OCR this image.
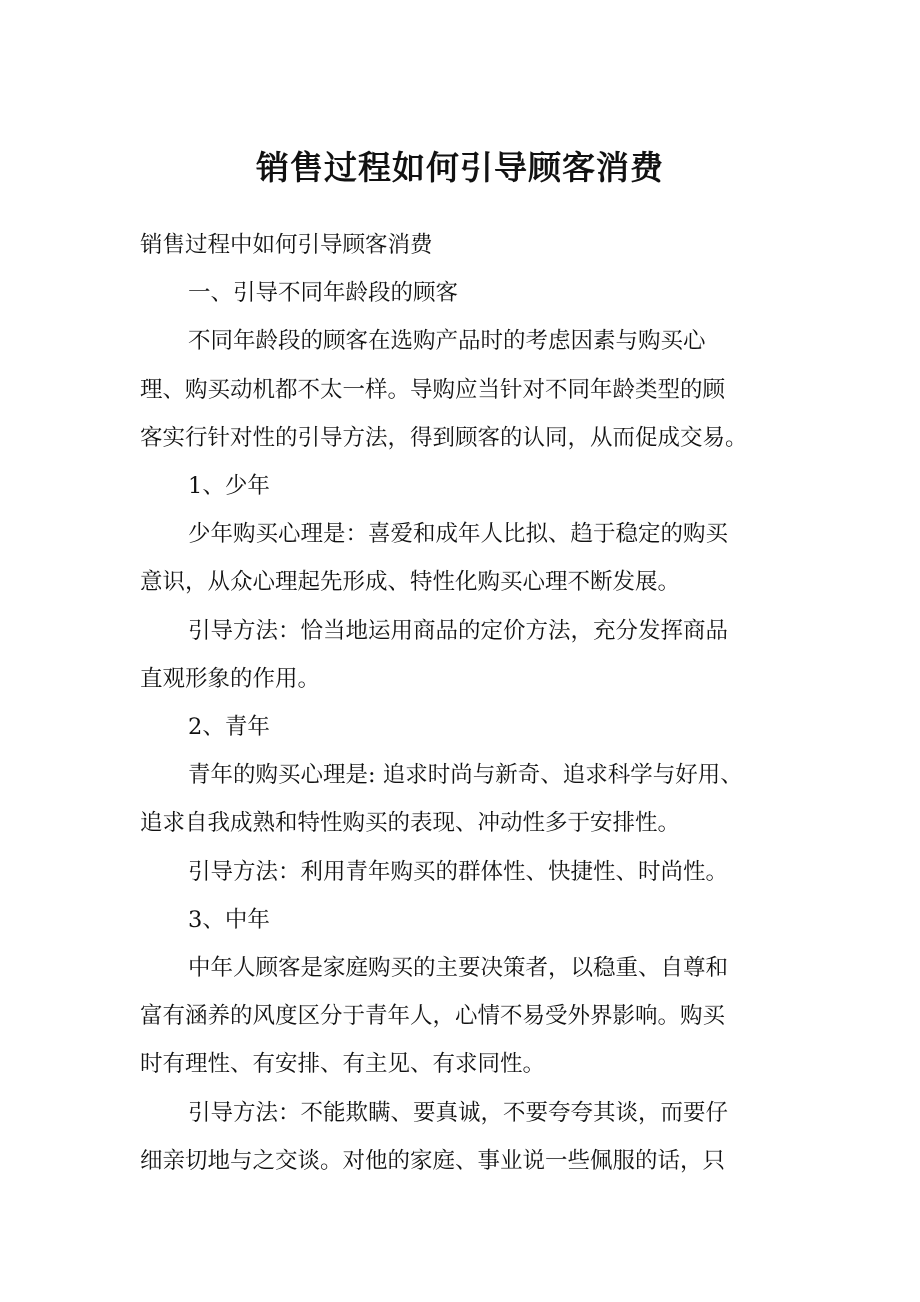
销售过程如何引导顾客消费
销售过程中如何引导顾客消费
一、引导不同年龄段的顾客
不同年龄段的顾客在选购产品时的考虑因素与购买心
理、购买动机都不太一样。导购应当针对不同年龄类型的顾
客实行针对性的引导方法，得到顾客的认同，从而促成交易。
1、少年
少年购买心理是：喜爱和成年人比拟、趋于稳定的购买
意识，从众心理起先形成、特性化购买心理不断发展。
引导方法：恰当地运用商品的定价方法，充分发挥商品
直观形象的作用。
2、青年
青年的购买心理是: 追求时尚与新奇、追求科学与好用、
追求自我成熟和特性购买的表现、冲动性多于安排性。
引导方法：利用青年购买的群体性、快捷性、时尚性。
3、中年
中年人顾客是家庭购买的主要决策者，以稳重、自尊和
富有涵养的风度区分于青年人，心情不易受外界影响。购买
时有理性、有安排、有主见、有求同性。
引导方法：不能欺瞒、要真诚，不要夸夸其谈，而要仔
细亲切地与之交谈。对他的家庭、事业说一些佩服的话，只
